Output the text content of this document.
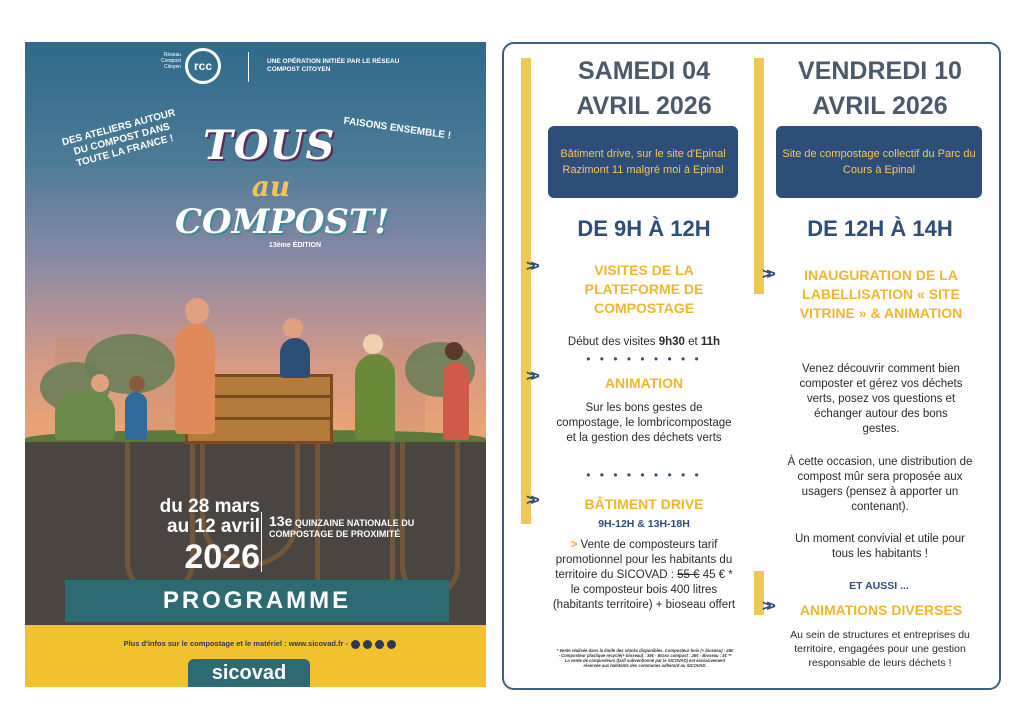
Réseau Compost Citoyen	rcc	UNE OPÉRATION INITIÉE PAR LE RÉSEAU COMPOST CITOYEN
DES ATELIERS AUTOUR DU COMPOST DANS TOUTE LA FRANCE !
FAISONS ENSEMBLE !
TOUS
au
COMPOST!
13ème ÉDITION
du 28 mars
au 12 avril
2026
13e QUINZAINE NATIONALE DU COMPOSTAGE DE PROXIMITÉ
PROGRAMME
Plus d'infos sur le compostage et le matériel : www.sicovad.fr -
sicovad
SAMEDI 04
AVRIL 2026
Bâtiment drive, sur le site d'Epinal Razimont 11 malgré moi à Epinal
DE 9H À 12H
>>	VISITES DE LA PLATEFORME DE COMPOSTAGE
Début des visites 9h30 et 11h
• • • • • • • • •
>>	ANIMATION
Sur les bons gestes de compostage, le lombricompostage et la gestion des déchets verts
• • • • • • • • •
>>	BÂTIMENT DRIVE
9H-12H & 13H-18H
> Vente de composteurs tarif promotionnel pour les habitants du territoire du SICOVAD : 55 € 45 € * le composteur bois 400 litres (habitants territoire) + bioseau offert
* Vente réalisée dans la limite des stocks disponibles. Composteur bois (+ bioseau) : 48€ - Composteur plastique recyclé(+ bioseau) : 35€ - Brass compost : 25€ - Bioseau : 4€ ** La vente de composteurs (tarif subventionné par le SICOVAD) est exclusivement réservée aux habitants des communes adhérant au SICOVAD.
VENDREDI 10
AVRIL 2026
Site de compostage collectif du Parc du Cours à Epinal
DE 12H À 14H
>>	INAUGURATION DE LA LABELLISATION « SITE VITRINE » & ANIMATION
Venez découvrir comment bien composter et gérez vos déchets verts, posez vos questions et échanger autour des bons gestes.
À cette occasion, une distribution de compost mûr sera proposée aux usagers (pensez à apporter un contenant).
Un moment convivial et utile pour tous les habitants !
ET AUSSI ...
>>	ANIMATIONS DIVERSES
Au sein de structures et entreprises du territoire, engagées pour une gestion responsable de leurs déchets !
